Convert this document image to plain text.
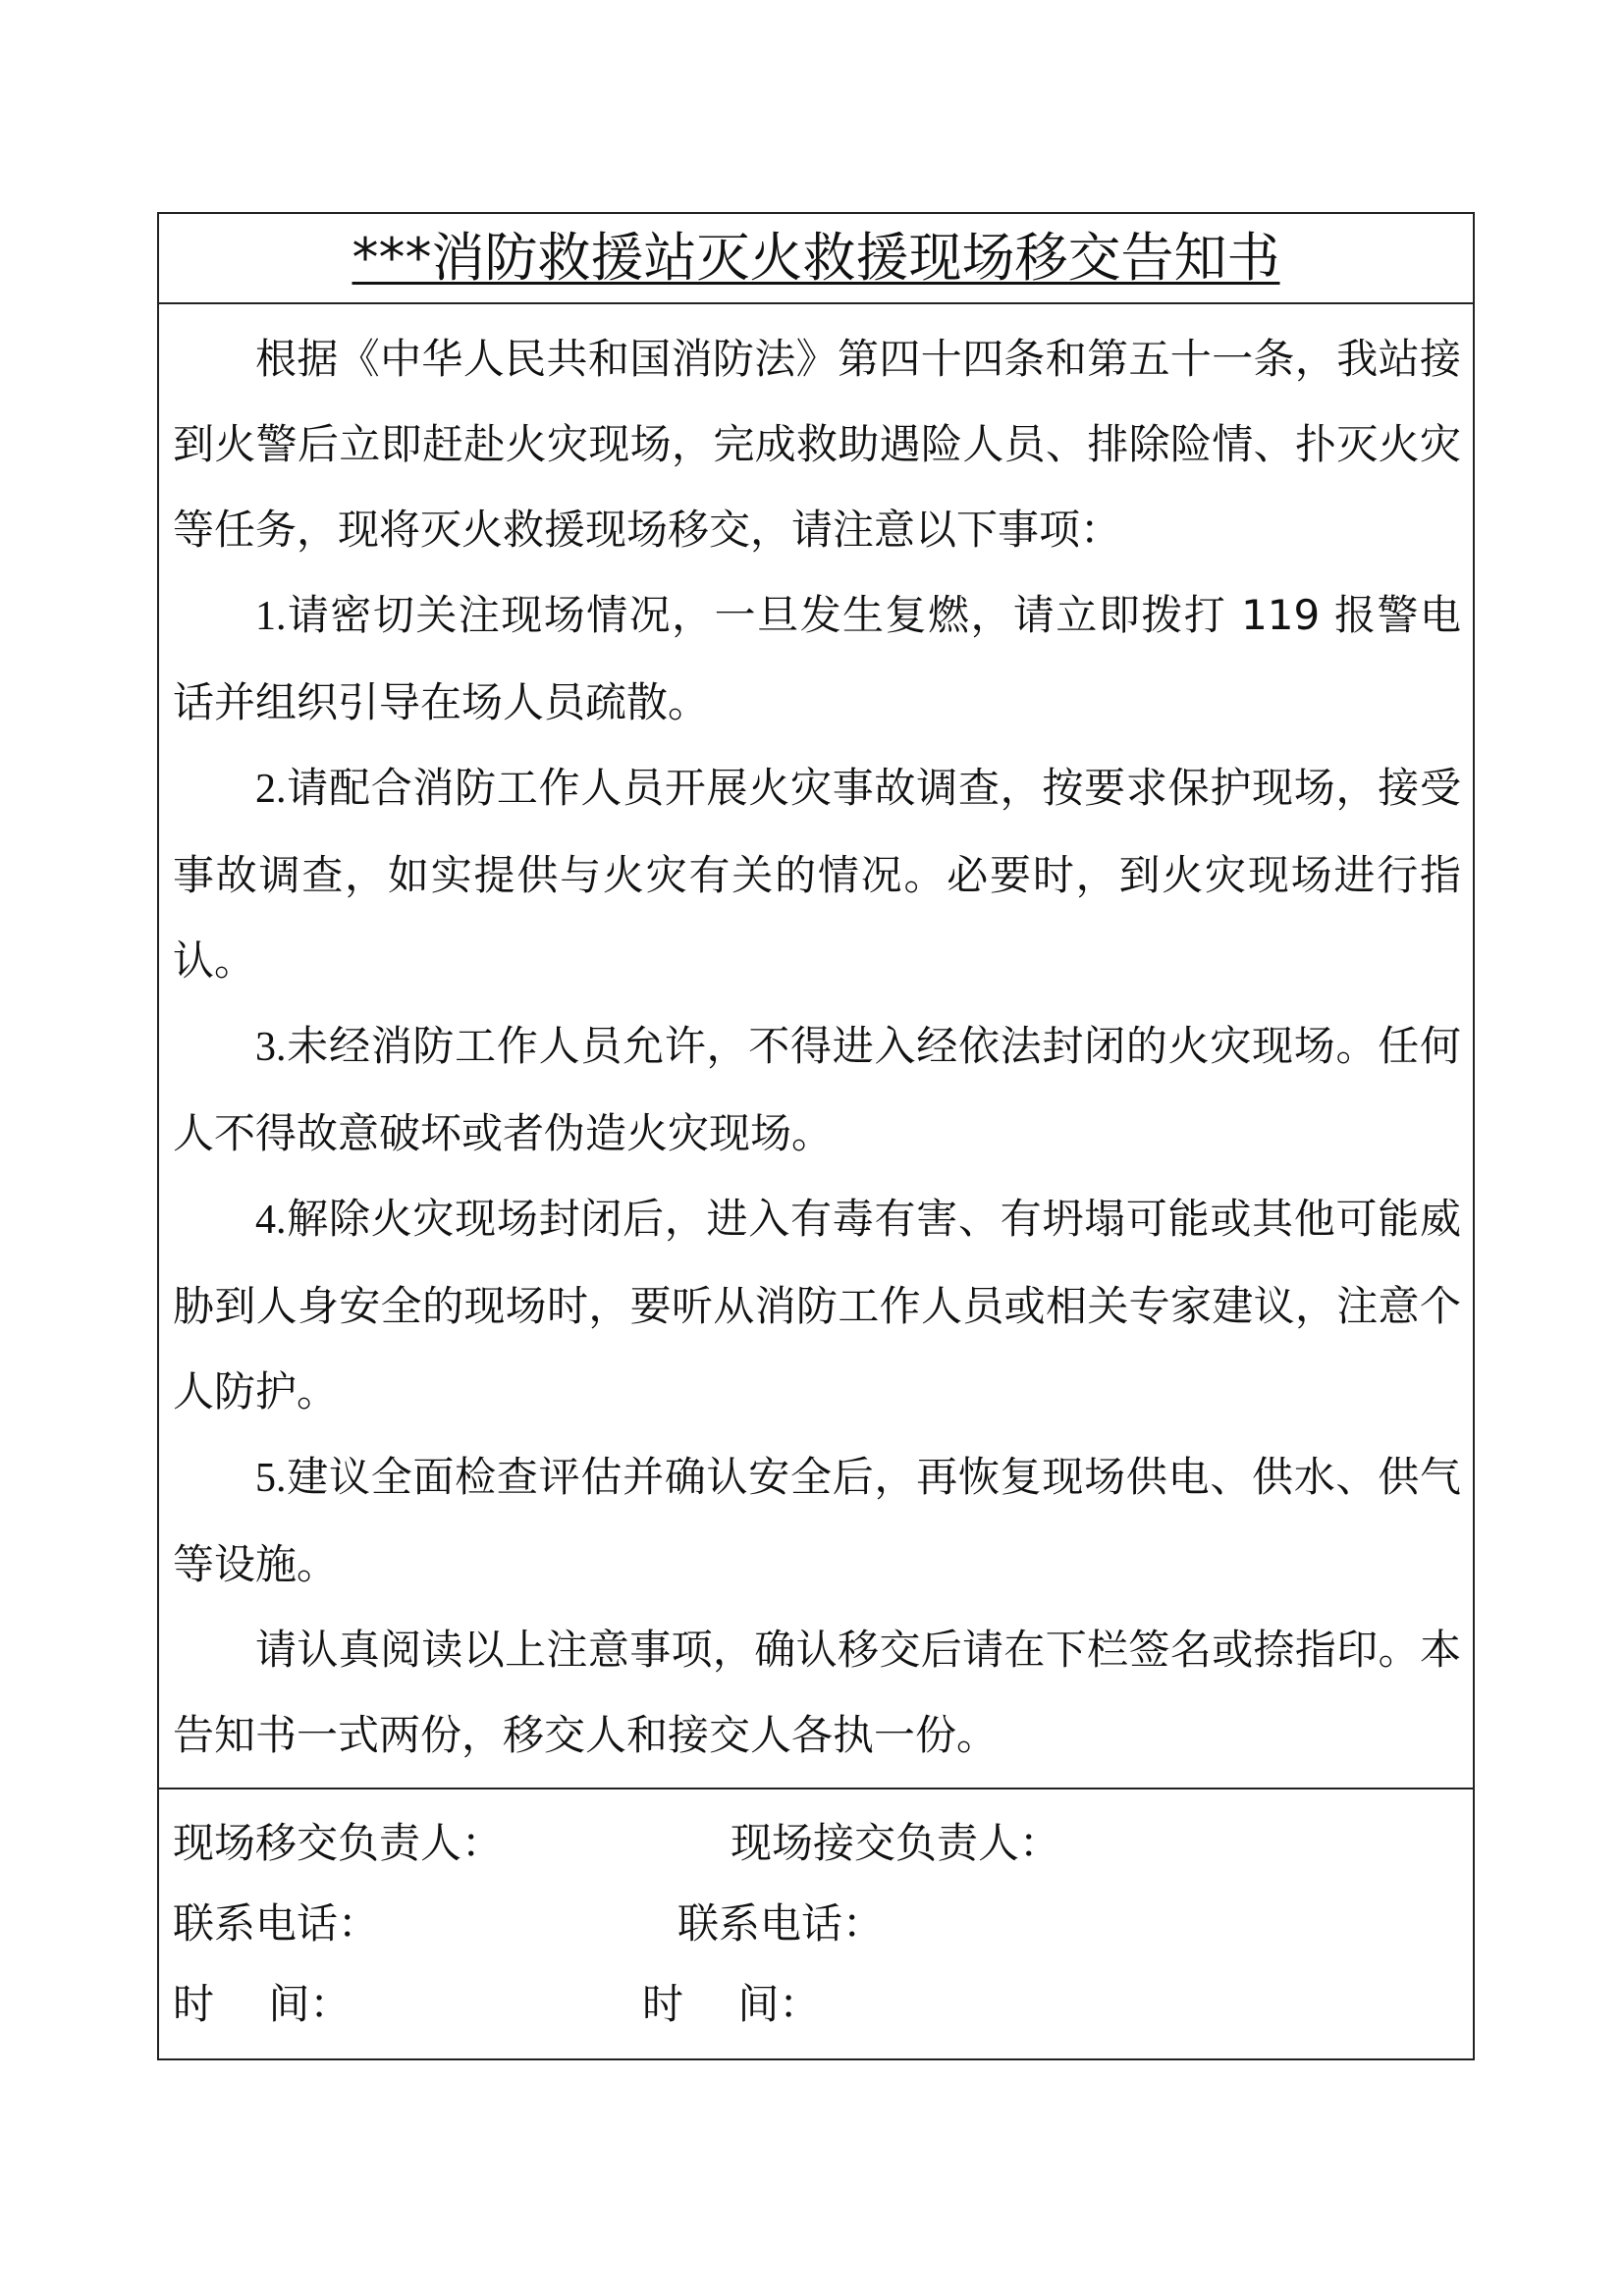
***消防救援站灭火救援现场移交告知书

根据《中华人民共和国消防法》第四十四条和第五十一条，我站接到火警后立即赶赴火灾现场，完成救助遇险人员、排除险情、扑灭火灾等任务，现将灭火救援现场移交，请注意以下事项：

1.请密切关注现场情况，一旦发生复燃，请立即拨打 119 报警电话并组织引导在场人员疏散。

2.请配合消防工作人员开展火灾事故调查，按要求保护现场，接受事故调查，如实提供与火灾有关的情况。必要时，到火灾现场进行指认。

3.未经消防工作人员允许，不得进入经依法封闭的火灾现场。任何人不得故意破坏或者伪造火灾现场。

4.解除火灾现场封闭后，进入有毒有害、有坍塌可能或其他可能威胁到人身安全的现场时，要听从消防工作人员或相关专家建议，注意个人防护。

5.建议全面检查评估并确认安全后，再恢复现场供电、供水、供气等设施。

请认真阅读以上注意事项，确认移交后请在下栏签名或捺指印。本告知书一式两份，移交人和接交人各执一份。

现场移交负责人：	现场接交负责人：
联系电话：	联系电话：
时　 间：	时　 间：
